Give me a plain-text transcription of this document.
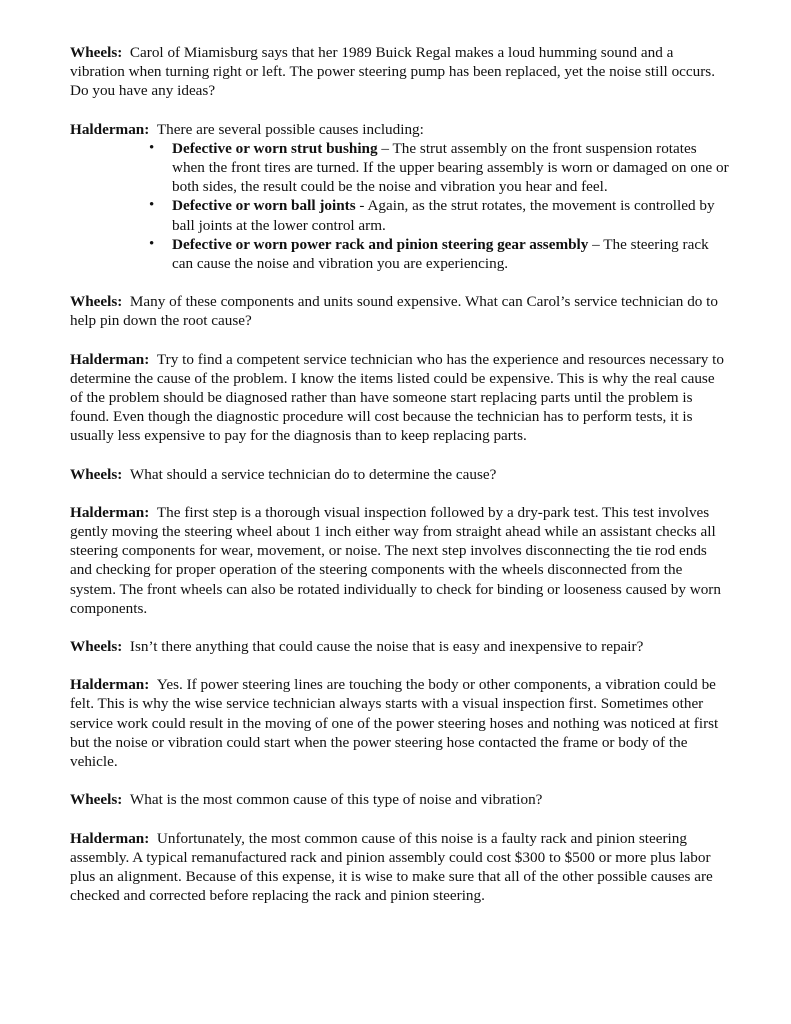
Wheels: Carol of Miamisburg says that her 1989 Buick Regal makes a loud humming sound and a vibration when turning right or left. The power steering pump has been replaced, yet the noise still occurs. Do you have any ideas?

Halderman: There are several possible causes including:

• Defective or worn strut bushing – The strut assembly on the front suspension rotates when the front tires are turned. If the upper bearing assembly is worn or damaged on one or both sides, the result could be the noise and vibration you hear and feel.
• Defective or worn ball joints - Again, as the strut rotates, the movement is controlled by ball joints at the lower control arm.
• Defective or worn power rack and pinion steering gear assembly – The steering rack can cause the noise and vibration you are experiencing.

Wheels: Many of these components and units sound expensive. What can Carol’s service technician do to help pin down the root cause?

Halderman: Try to find a competent service technician who has the experience and resources necessary to determine the cause of the problem. I know the items listed could be expensive. This is why the real cause of the problem should be diagnosed rather than have someone start replacing parts until the problem is found. Even though the diagnostic procedure will cost because the technician has to perform tests, it is usually less expensive to pay for the diagnosis than to keep replacing parts.

Wheels: What should a service technician do to determine the cause?

Halderman: The first step is a thorough visual inspection followed by a dry-park test. This test involves gently moving the steering wheel about 1 inch either way from straight ahead while an assistant checks all steering components for wear, movement, or noise. The next step involves disconnecting the tie rod ends and checking for proper operation of the steering components with the wheels disconnected from the system. The front wheels can also be rotated individually to check for binding or looseness caused by worn components.

Wheels: Isn’t there anything that could cause the noise that is easy and inexpensive to repair?

Halderman: Yes. If power steering lines are touching the body or other components, a vibration could be felt. This is why the wise service technician always starts with a visual inspection first. Sometimes other service work could result in the moving of one of the power steering hoses and nothing was noticed at first but the noise or vibration could start when the power steering hose contacted the frame or body of the vehicle.

Wheels: What is the most common cause of this type of noise and vibration?

Halderman: Unfortunately, the most common cause of this noise is a faulty rack and pinion steering assembly. A typical remanufactured rack and pinion assembly could cost $300 to $500 or more plus labor plus an alignment. Because of this expense, it is wise to make sure that all of the other possible causes are checked and corrected before replacing the rack and pinion steering.
